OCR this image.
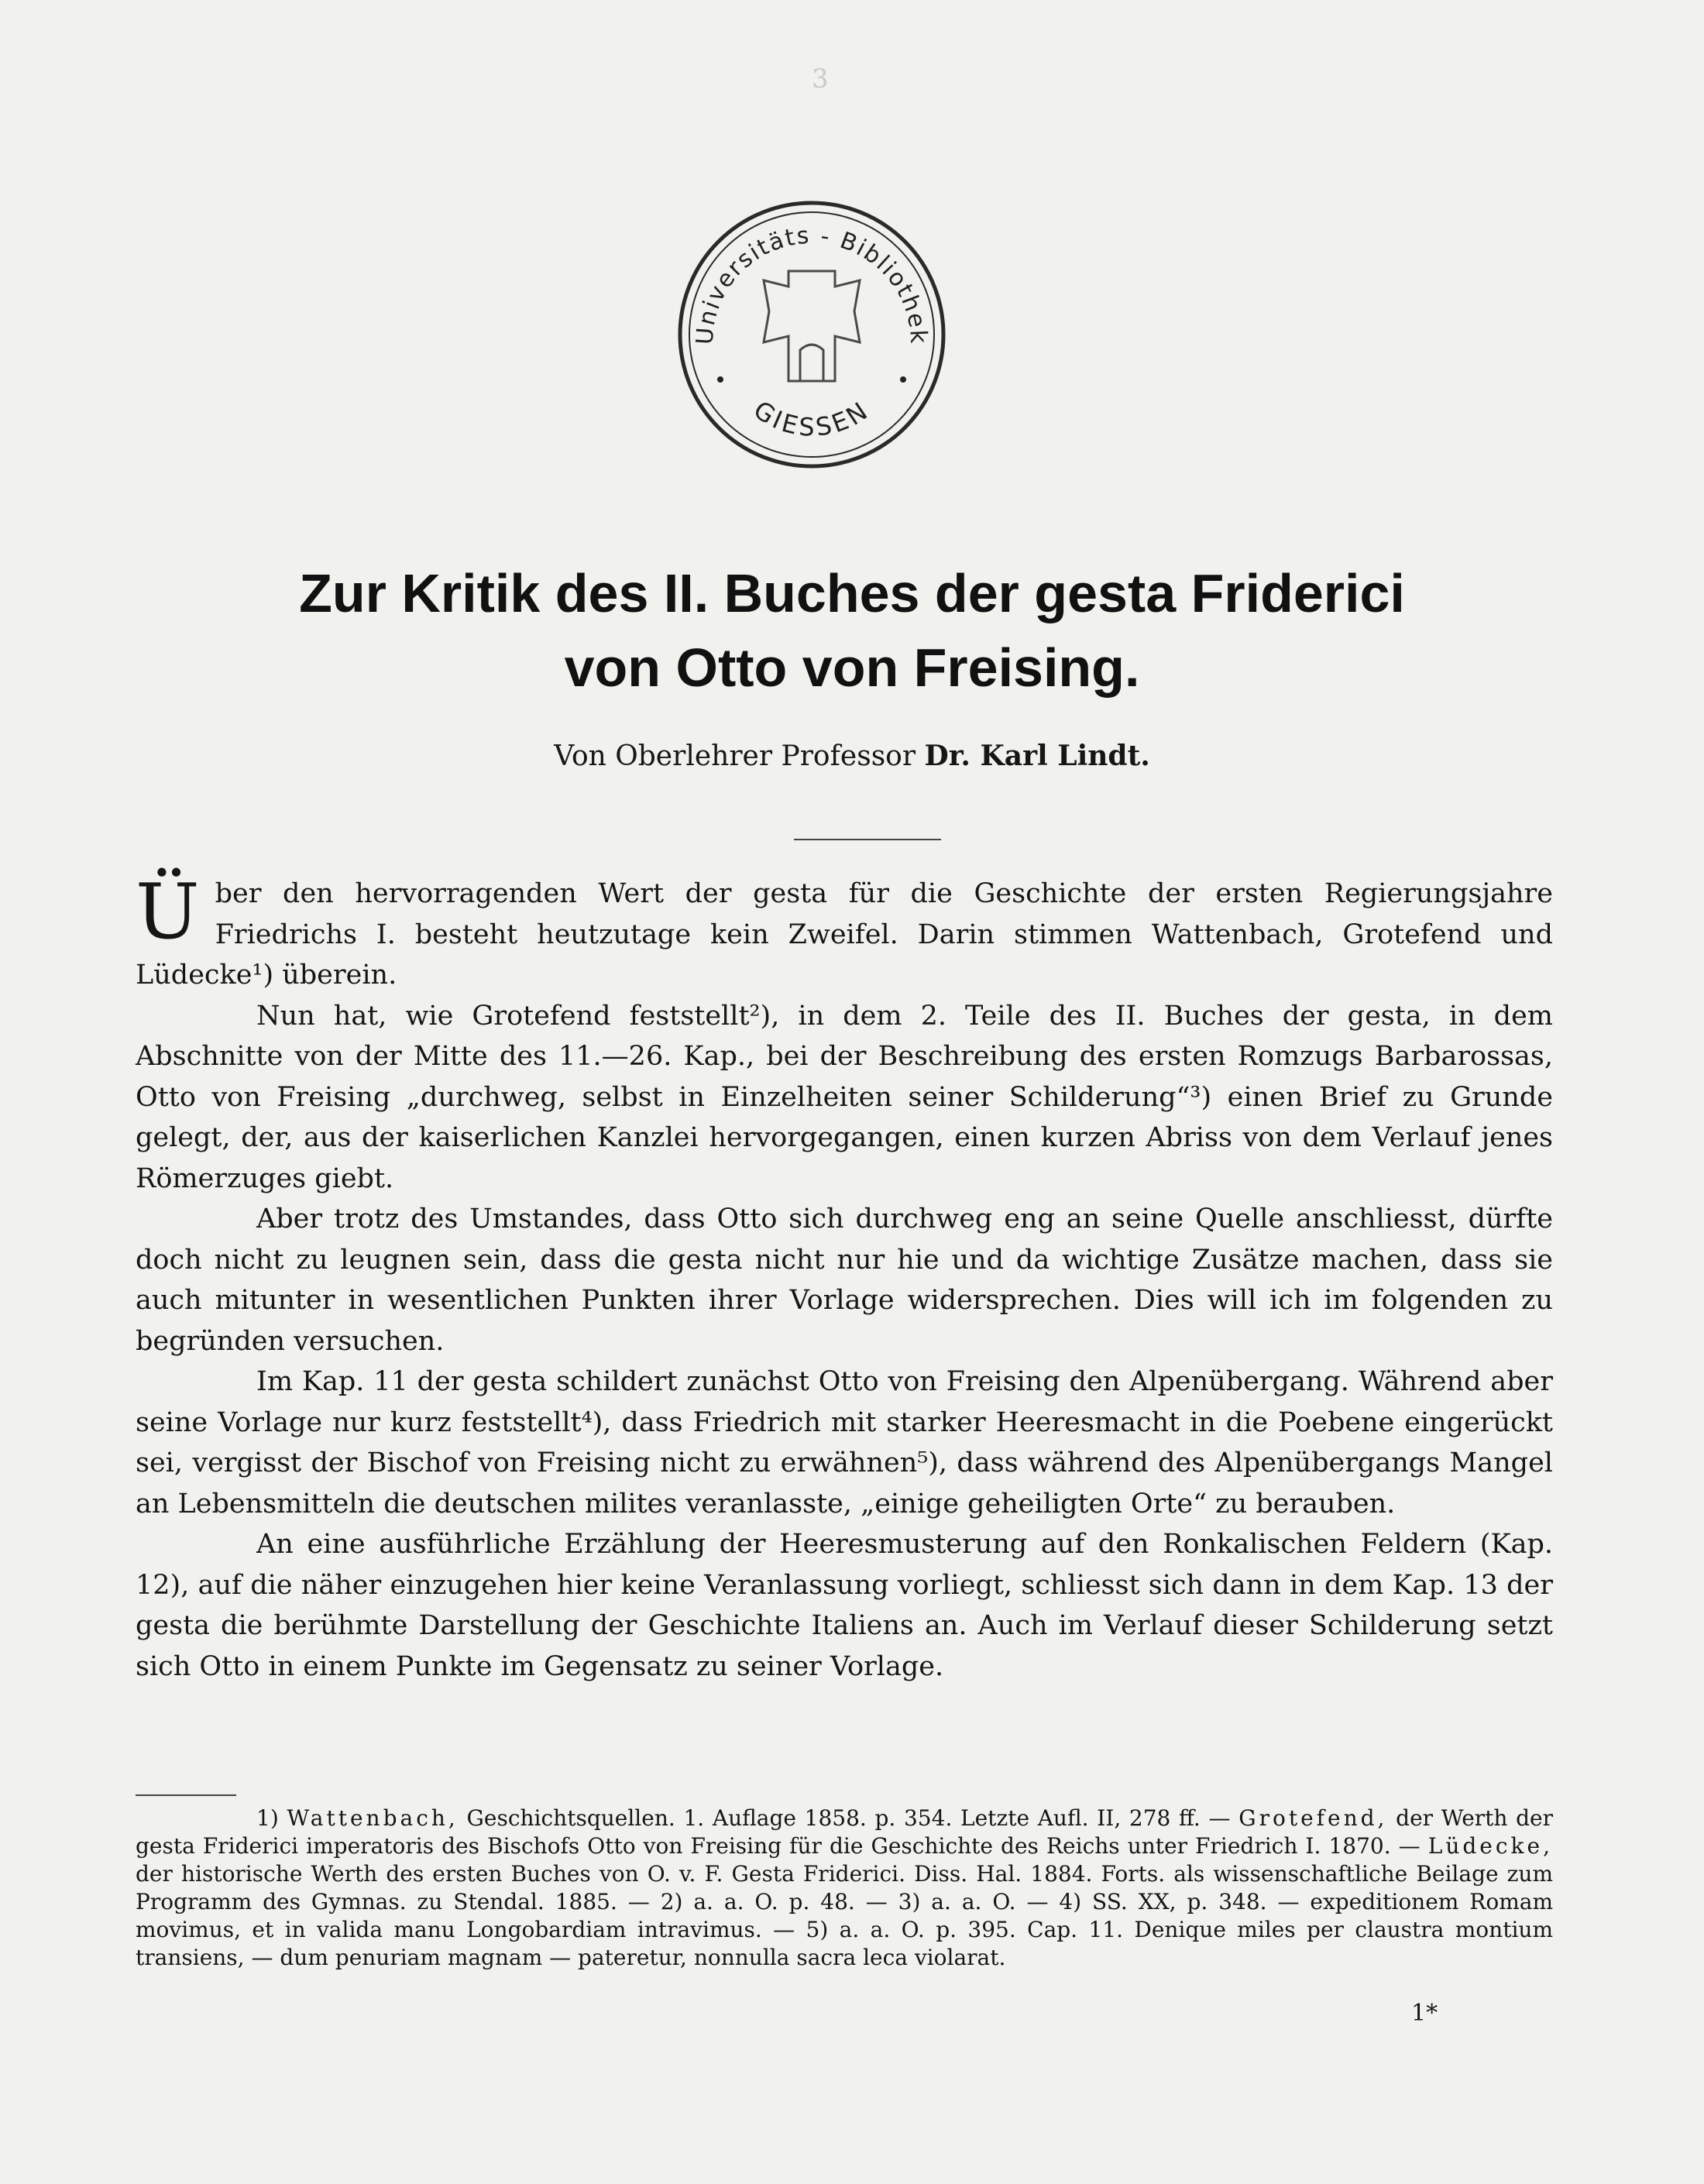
3
Universitäts - Bibliothek
GIESSEN
Zur Kritik des II. Buches der gesta Friderici
von Otto von Freising.
Von Oberlehrer Professor Dr. Karl Lindt.

Über den hervorragenden Wert der gesta für die Geschichte der ersten Regierungsjahre Friedrichs I. besteht heutzutage kein Zweifel. Darin stimmen Wattenbach, Grotefend und Lüdecke¹) überein.

Nun hat, wie Grotefend feststellt²), in dem 2. Teile des II. Buches der gesta, in dem Abschnitte von der Mitte des 11.—26. Kap., bei der Beschreibung des ersten Romzugs Barbarossas, Otto von Freising „durchweg, selbst in Einzelheiten seiner Schilderung“³) einen Brief zu Grunde gelegt, der, aus der kaiserlichen Kanzlei hervorgegangen, einen kurzen Abriss von dem Verlauf jenes Römerzuges giebt.

Aber trotz des Umstandes, dass Otto sich durchweg eng an seine Quelle anschliesst, dürfte doch nicht zu leugnen sein, dass die gesta nicht nur hie und da wichtige Zusätze machen, dass sie auch mitunter in wesentlichen Punkten ihrer Vorlage widersprechen. Dies will ich im folgenden zu begründen versuchen.

Im Kap. 11 der gesta schildert zunächst Otto von Freising den Alpenübergang. Während aber seine Vorlage nur kurz feststellt⁴), dass Friedrich mit starker Heeresmacht in die Poebene eingerückt sei, vergisst der Bischof von Freising nicht zu erwähnen⁵), dass während des Alpenübergangs Mangel an Lebensmitteln die deutschen milites veranlasste, „einige geheiligten Orte“ zu berauben.

An eine ausführliche Erzählung der Heeresmusterung auf den Ronkalischen Feldern (Kap. 12), auf die näher einzugehen hier keine Veranlassung vorliegt, schliesst sich dann in dem Kap. 13 der gesta die berühmte Darstellung der Geschichte Italiens an. Auch im Verlauf dieser Schilderung setzt sich Otto in einem Punkte im Gegensatz zu seiner Vorlage.

1) Wattenbach, Geschichtsquellen. 1. Auflage 1858. p. 354. Letzte Aufl. II, 278 ff. — Grotefend, der Werth der gesta Friderici imperatoris des Bischofs Otto von Freising für die Geschichte des Reichs unter Friedrich I. 1870. — Lüdecke, der historische Werth des ersten Buches von O. v. F. Gesta Friderici. Diss. Hal. 1884. Forts. als wissenschaftliche Beilage zum Programm des Gymnas. zu Stendal. 1885. — 2) a. a. O. p. 48. — 3) a. a. O. — 4) SS. XX, p. 348. — expeditionem Romam movimus, et in valida manu Longobardiam intravimus. — 5) a. a. O. p. 395. Cap. 11. Denique miles per claustra montium transiens, — dum penuriam magnam — pateretur, nonnulla sacra leca violarat.

1*
